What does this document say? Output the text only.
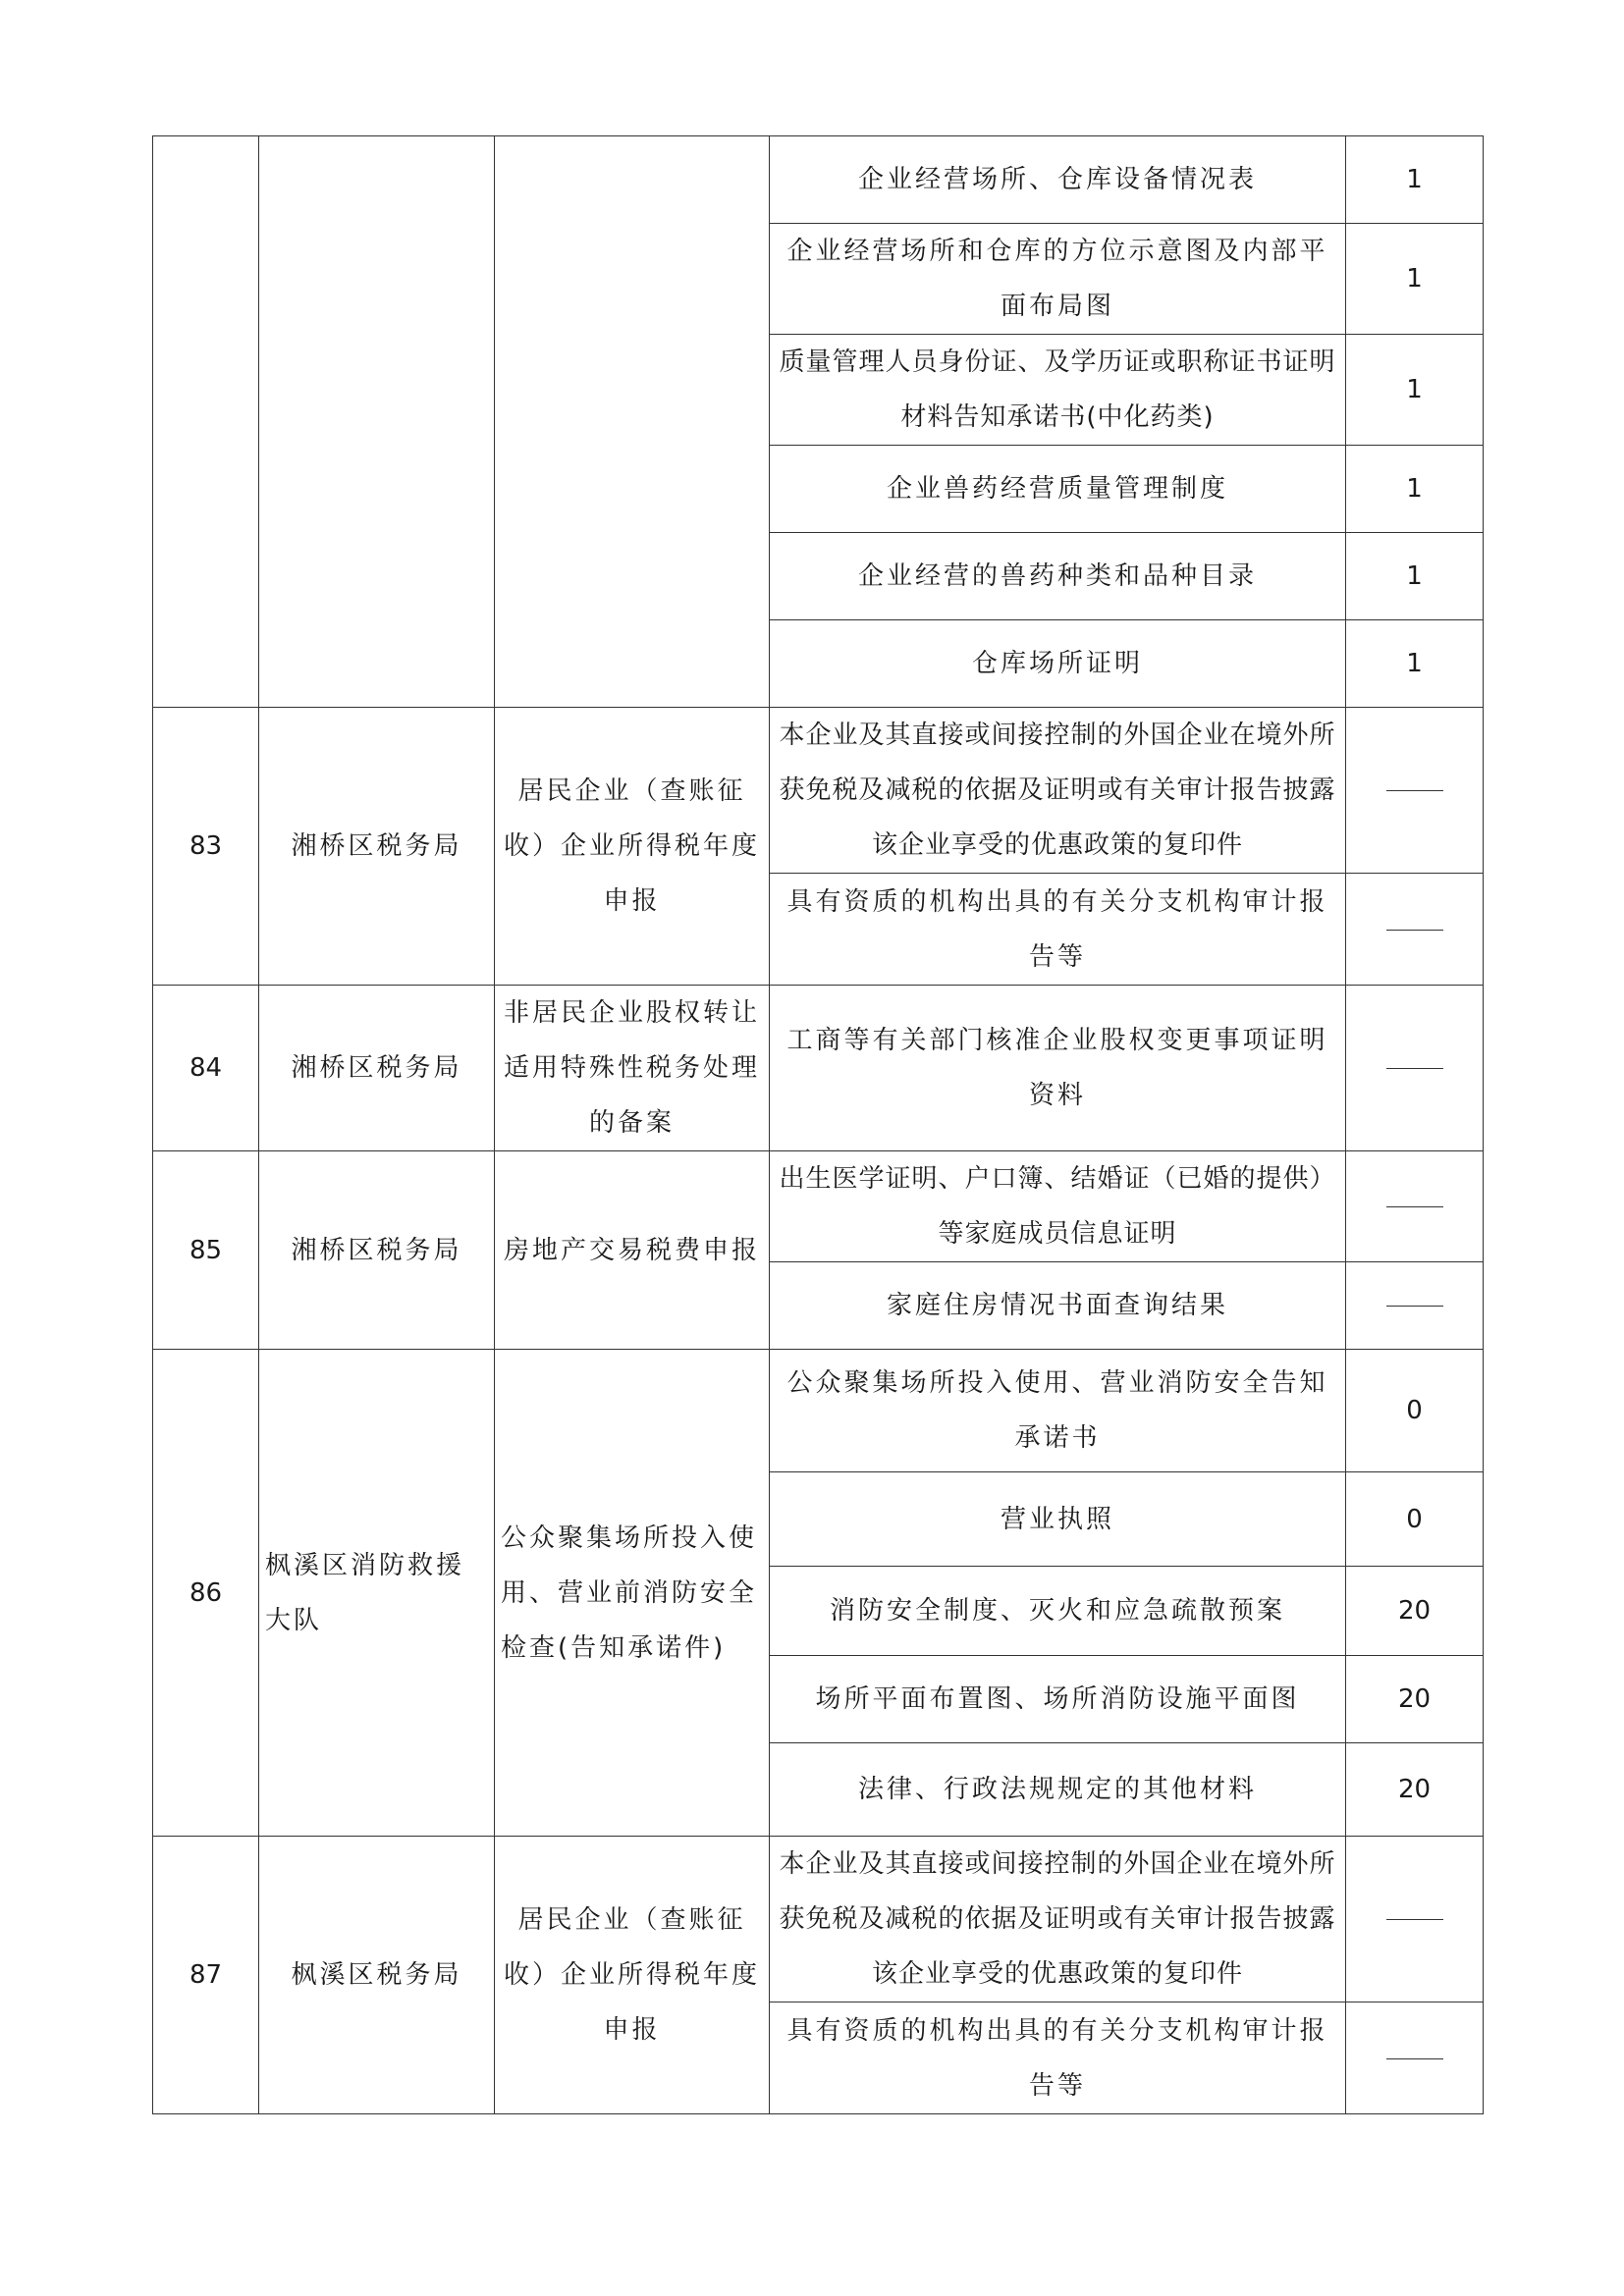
			企业经营场所、仓库设备情况表	1
			企业经营场所和仓库的方位示意图及内部平面布局图	1
			质量管理人员身份证、及学历证或职称证书证明材料告知承诺书(中化药类)	1
			企业兽药经营质量管理制度	1
			企业经营的兽药种类和品种目录	1
			仓库场所证明	1
83	湘桥区税务局	居民企业（查账征收）企业所得税年度申报	本企业及其直接或间接控制的外国企业在境外所获免税及减税的依据及证明或有关审计报告披露该企业享受的优惠政策的复印件	
			具有资质的机构出具的有关分支机构审计报告等	
84	湘桥区税务局	非居民企业股权转让适用特殊性税务处理的备案	工商等有关部门核准企业股权变更事项证明资料	
85	湘桥区税务局	房地产交易税费申报	出生医学证明、户口簿、结婚证（已婚的提供）等家庭成员信息证明	
			家庭住房情况书面查询结果	
86	枫溪区消防救援大队	公众聚集场所投入使用、营业前消防安全检查(告知承诺件)	公众聚集场所投入使用、营业消防安全告知承诺书	0
			营业执照	0
			消防安全制度、灭火和应急疏散预案	20
			场所平面布置图、场所消防设施平面图	20
			法律、行政法规规定的其他材料	20
87	枫溪区税务局	居民企业（查账征收）企业所得税年度申报	本企业及其直接或间接控制的外国企业在境外所获免税及减税的依据及证明或有关审计报告披露该企业享受的优惠政策的复印件	
			具有资质的机构出具的有关分支机构审计报告等	
